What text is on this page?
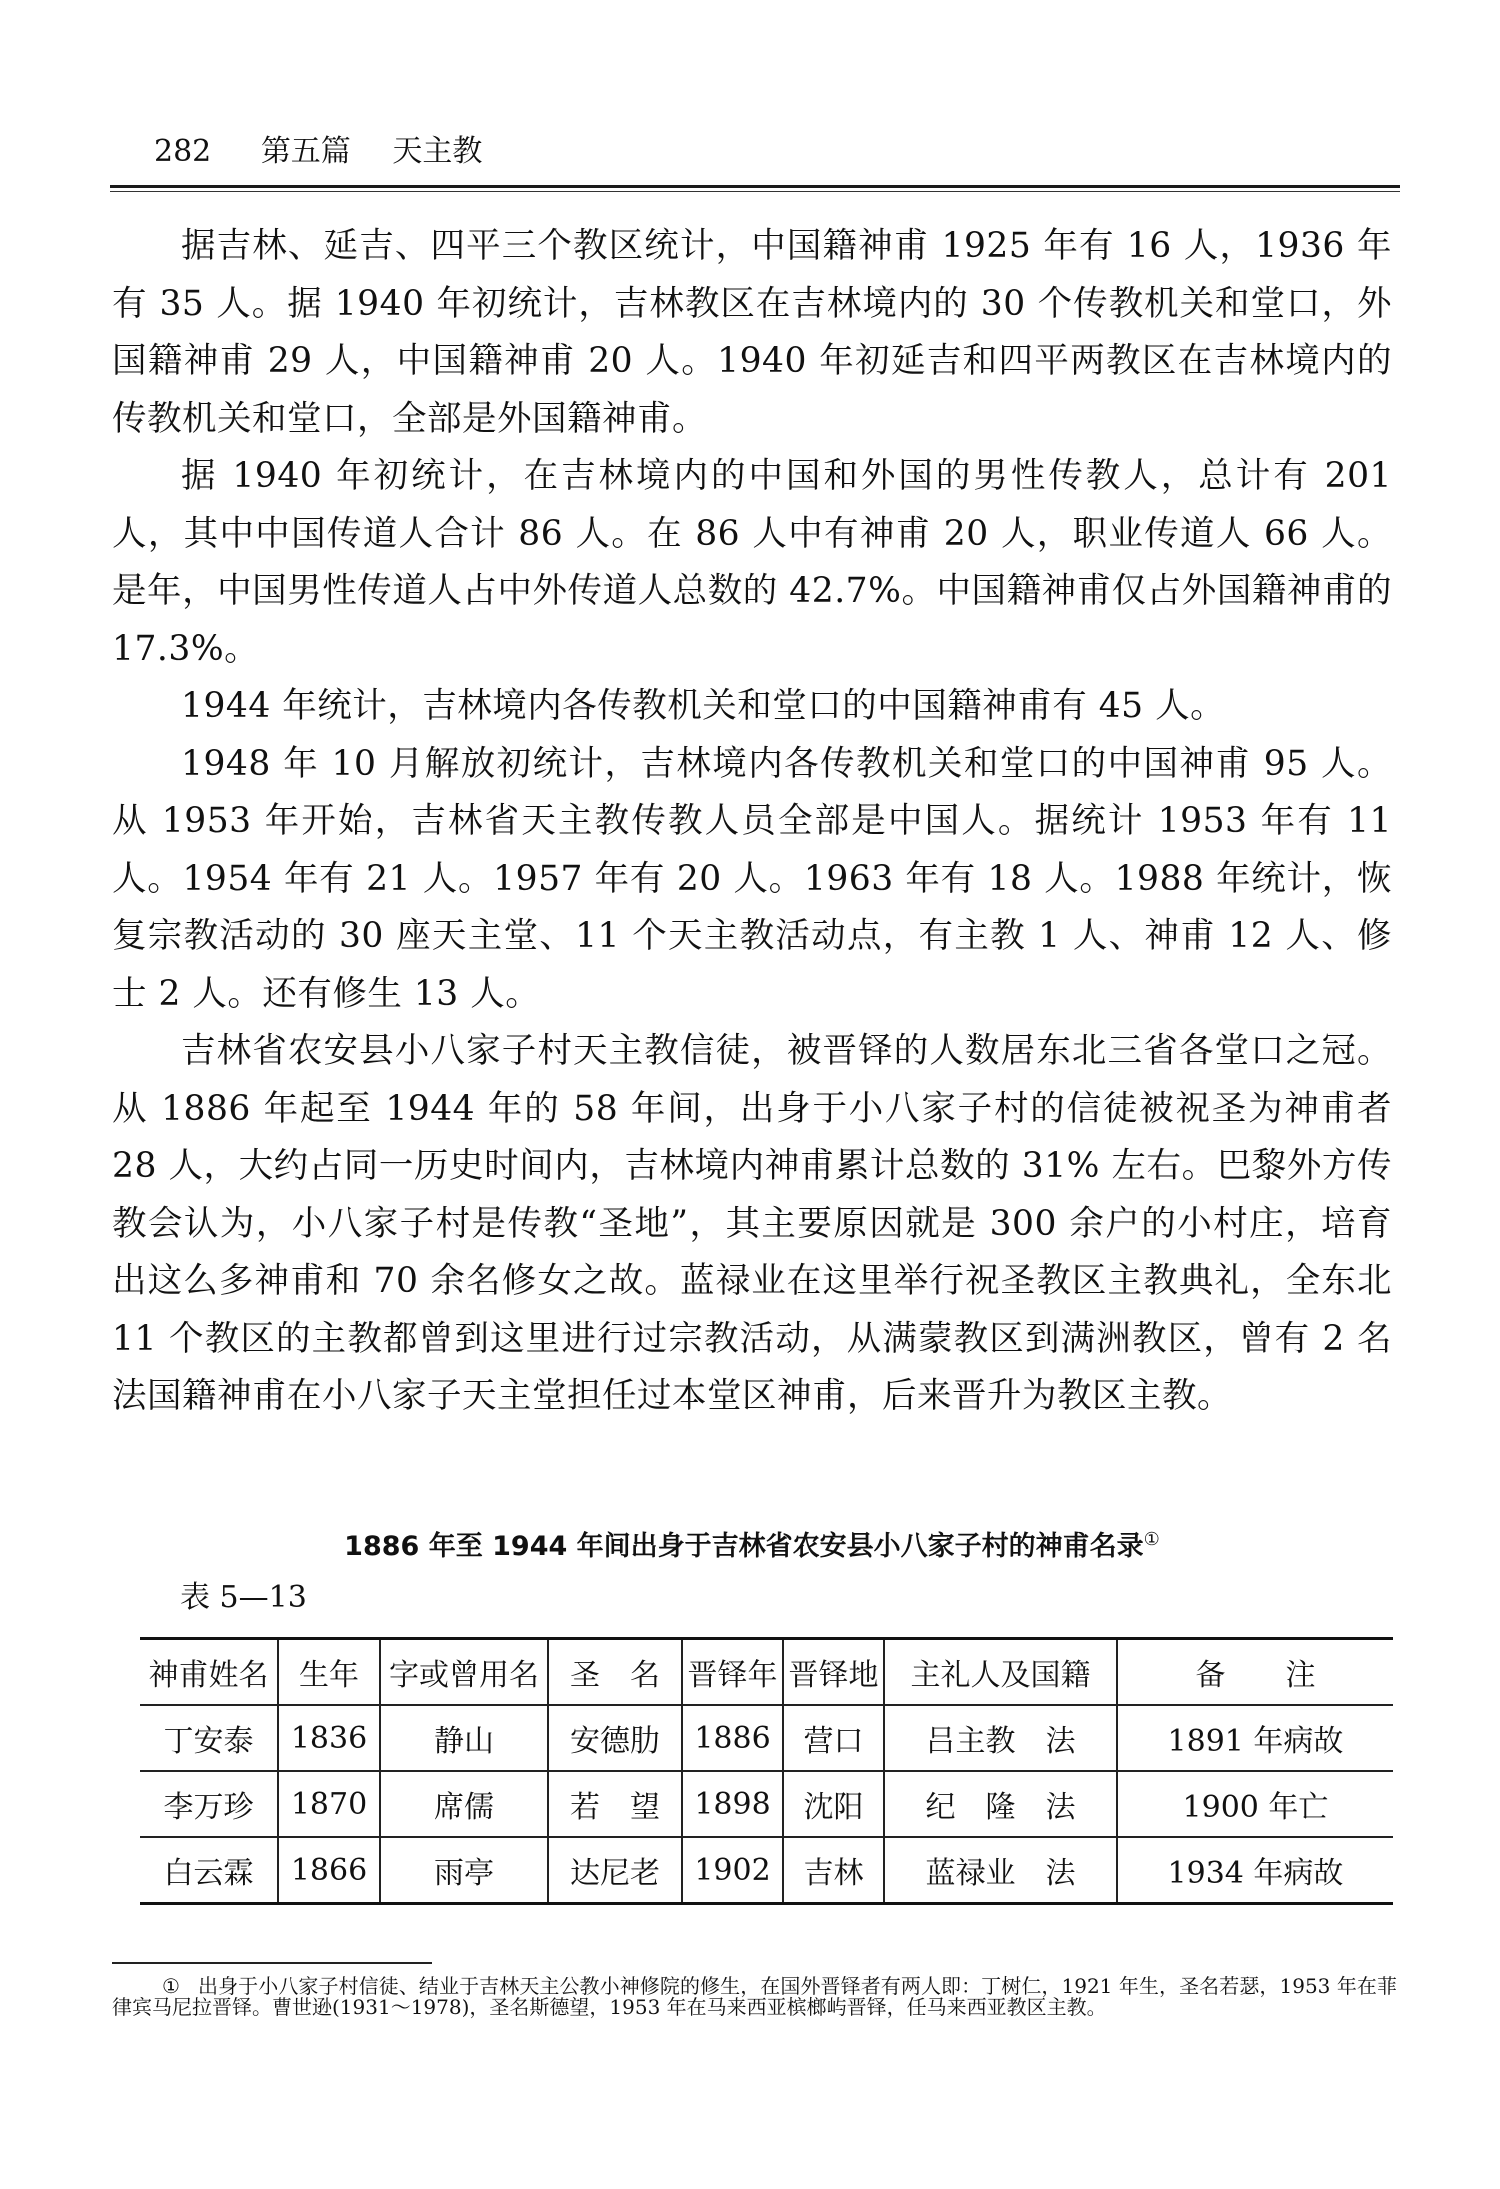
282 第五篇 天主教

据吉林、延吉、四平三个教区统计，中国籍神甫 1925 年有 16 人，1936 年有 35 人。据 1940 年初统计，吉林教区在吉林境内的 30 个传教机关和堂口，外国籍神甫 29 人，中国籍神甫 20 人。1940 年初延吉和四平两教区在吉林境内的传教机关和堂口，全部是外国籍神甫。

据 1940 年初统计，在吉林境内的中国和外国的男性传教人，总计有 201 人，其中中国传道人合计 86 人。在 86 人中有神甫 20 人，职业传道人 66 人。是年，中国男性传道人占中外传道人总数的 42.7%。中国籍神甫仅占外国籍神甫的 17.3%。

1944 年统计，吉林境内各传教机关和堂口的中国籍神甫有 45 人。

1948 年 10 月解放初统计，吉林境内各传教机关和堂口的中国神甫 95 人。从 1953 年开始，吉林省天主教传教人员全部是中国人。据统计 1953 年有 11 人。1954 年有 21 人。1957 年有 20 人。1963 年有 18 人。1988 年统计，恢复宗教活动的 30 座天主堂、11 个天主教活动点，有主教 1 人、神甫 12 人、修士 2 人。还有修生 13 人。

吉林省农安县小八家子村天主教信徒，被晋铎的人数居东北三省各堂口之冠。从 1886 年起至 1944 年的 58 年间，出身于小八家子村的信徒被祝圣为神甫者 28 人，大约占同一历史时间内，吉林境内神甫累计总数的 31% 左右。巴黎外方传教会认为，小八家子村是传教“圣地”，其主要原因就是 300 余户的小村庄，培育出这么多神甫和 70 余名修女之故。蓝禄业在这里举行祝圣教区主教典礼，全东北 11 个教区的主教都曾到这里进行过宗教活动，从满蒙教区到满洲教区，曾有 2 名法国籍神甫在小八家子天主堂担任过本堂区神甫，后来晋升为教区主教。

1886 年至 1944 年间出身于吉林省农安县小八家子村的神甫名录①
表 5—13
神甫姓名	生年	字或曾用名	圣　名	晋铎年	晋铎地	主礼人及国籍	备　　注
丁安泰	1836	静山	安德肋	1886	营口	吕主教　法	1891 年病故
李万珍	1870	席儒	若　望	1898	沈阳	纪　隆　法	1900 年亡
白云霖	1866	雨亭	达尼老	1902	吉林	蓝禄业　法	1934 年病故
① 出身于小八家子村信徒、结业于吉林天主公教小神修院的修生，在国外晋铎者有两人即：丁树仁，1921 年生，圣名若瑟，1953 年在菲律宾马尼拉晋铎。曹世逊(1931～1978)，圣名斯德望，1953 年在马来西亚槟榔屿晋铎，任马来西亚教区主教。
